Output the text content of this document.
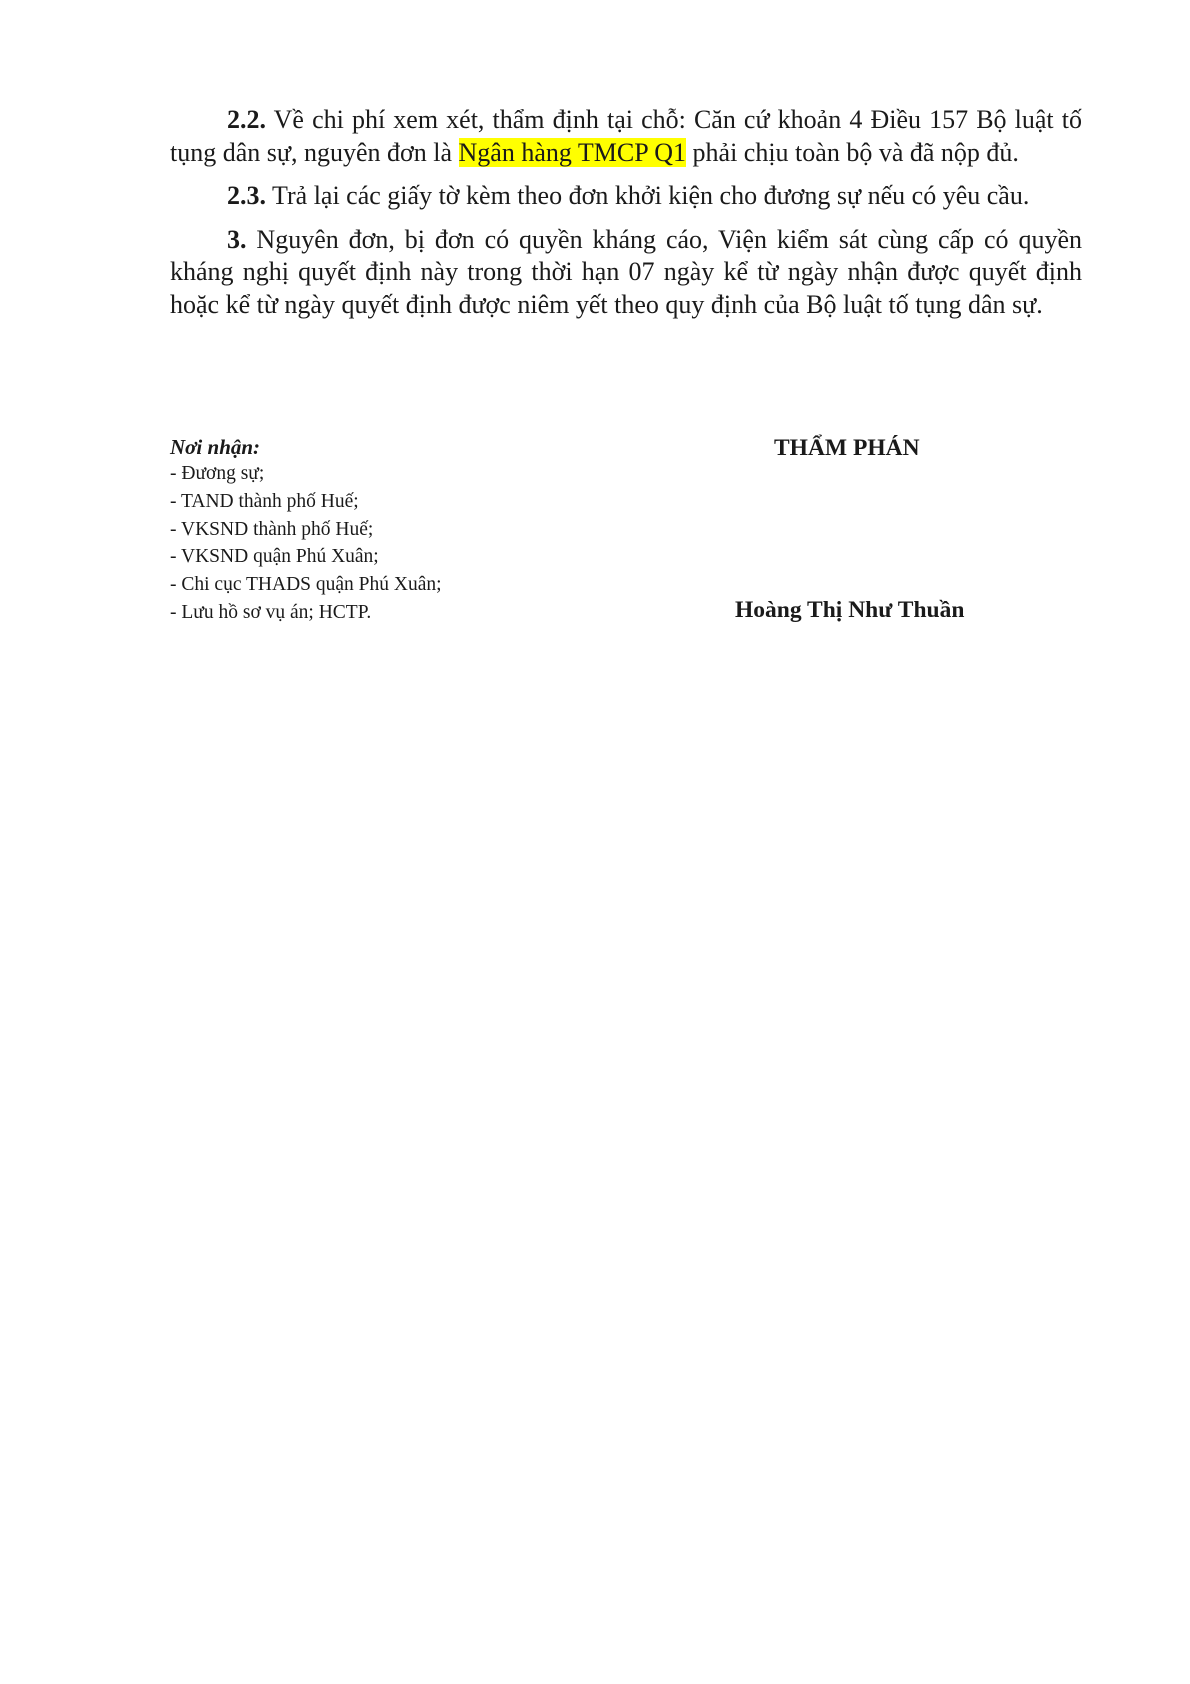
2.2. Về chi phí xem xét, thẩm định tại chỗ: Căn cứ khoản 4 Điều 157 Bộ luật tố tụng dân sự, nguyên đơn là Ngân hàng TMCP Q1 phải chịu toàn bộ và đã nộp đủ.

2.3. Trả lại các giấy tờ kèm theo đơn khởi kiện cho đương sự nếu có yêu cầu.

3. Nguyên đơn, bị đơn có quyền kháng cáo, Viện kiểm sát cùng cấp có quyền kháng nghị quyết định này trong thời hạn 07 ngày kể từ ngày nhận được quyết định hoặc kể từ ngày quyết định được niêm yết theo quy định của Bộ luật tố tụng dân sự.

Nơi nhận:
- Đương sự;
- TAND thành phố Huế;
- VKSND thành phố Huế;
- VKSND quận Phú Xuân;
- Chi cục THADS quận Phú Xuân;
- Lưu hồ sơ vụ án; HCTP.
THẨM PHÁN
Hoàng Thị Như Thuần
